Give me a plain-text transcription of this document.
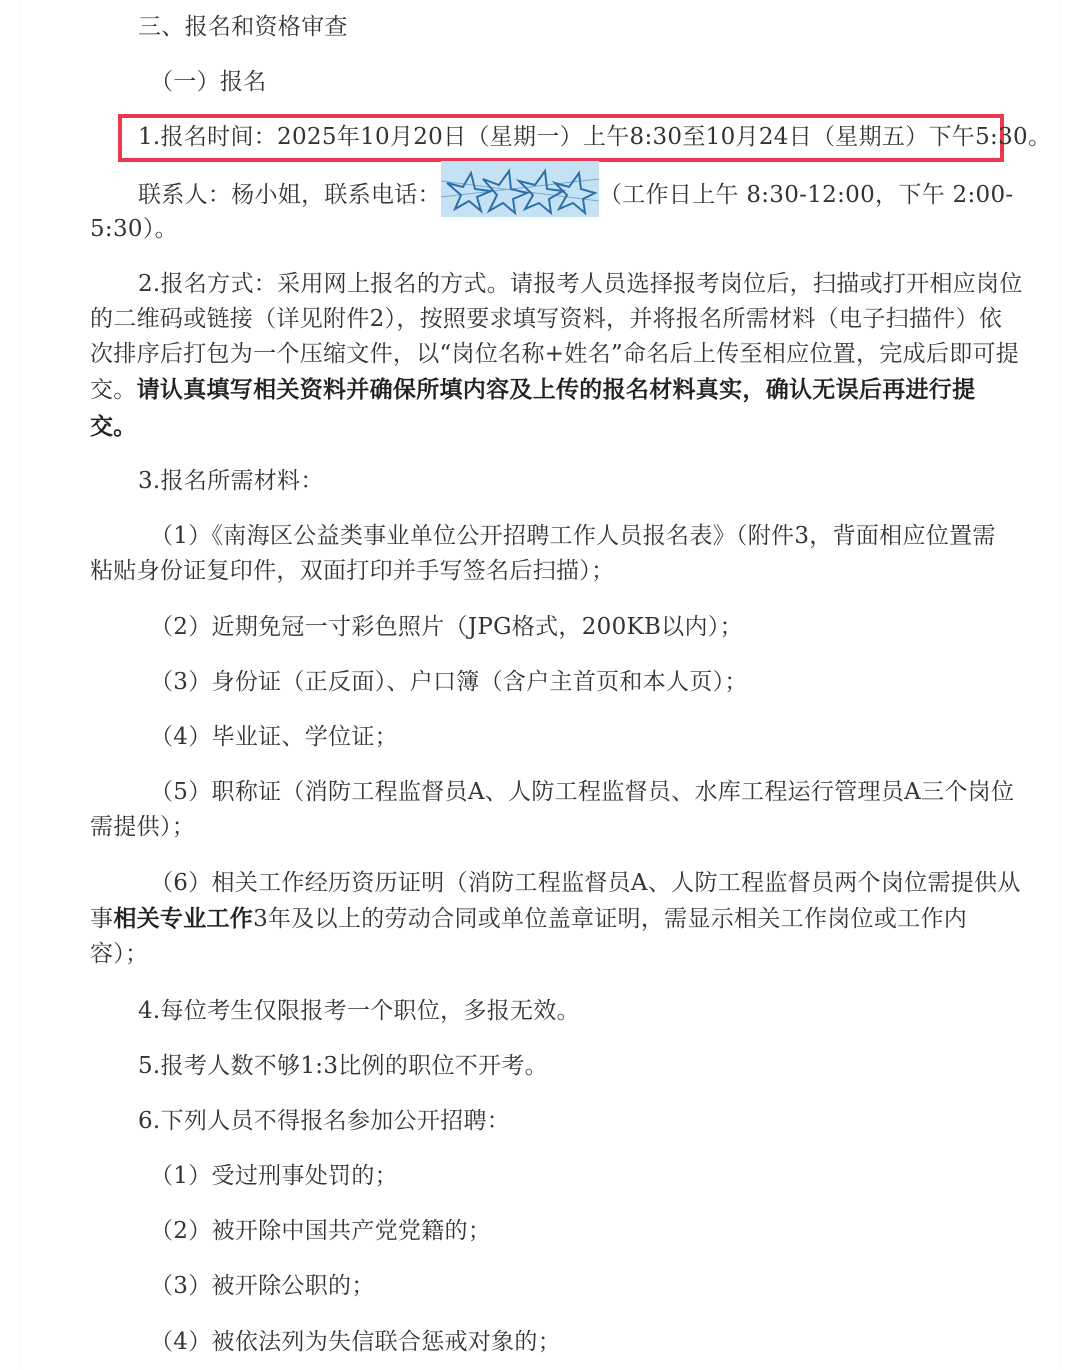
三、报名和资格审查
（一）报名
1.报名时间：2025年10月20日（星期一）上午8:30至10月24日（星期五）下午5:30。
联系人：杨小姐，联系电话：	（工作日上午 8:30-12:00，下午 2:00-
5:30）。
2.报名方式：采用网上报名的方式。请报考人员选择报考岗位后，扫描或打开相应岗位
的二维码或链接（详见附件2），按照要求填写资料，并将报名所需材料（电子扫描件）依
次排序后打包为一个压缩文件，以“岗位名称+姓名”命名后上传至相应位置，完成后即可提
交。请认真填写相关资料并确保所填内容及上传的报名材料真实，确认无误后再进行提
交。
3.报名所需材料：
（1）《南海区公益类事业单位公开招聘工作人员报名表》（附件3，背面相应位置需
粘贴身份证复印件，双面打印并手写签名后扫描）；
（2）近期免冠一寸彩色照片（JPG格式，200KB以内）；
（3）身份证（正反面）、户口簿（含户主首页和本人页）；
（4）毕业证、学位证；
（5）职称证（消防工程监督员A、人防工程监督员、水库工程运行管理员A三个岗位
需提供）；
（6）相关工作经历资历证明（消防工程监督员A、人防工程监督员两个岗位需提供从
事相关专业工作3年及以上的劳动合同或单位盖章证明，需显示相关工作岗位或工作内
容）；
4.每位考生仅限报考一个职位，多报无效。
5.报考人数不够1:3比例的职位不开考。
6.下列人员不得报名参加公开招聘：
（1）受过刑事处罚的；
（2）被开除中国共产党党籍的；
（3）被开除公职的；
（4）被依法列为失信联合惩戒对象的；
